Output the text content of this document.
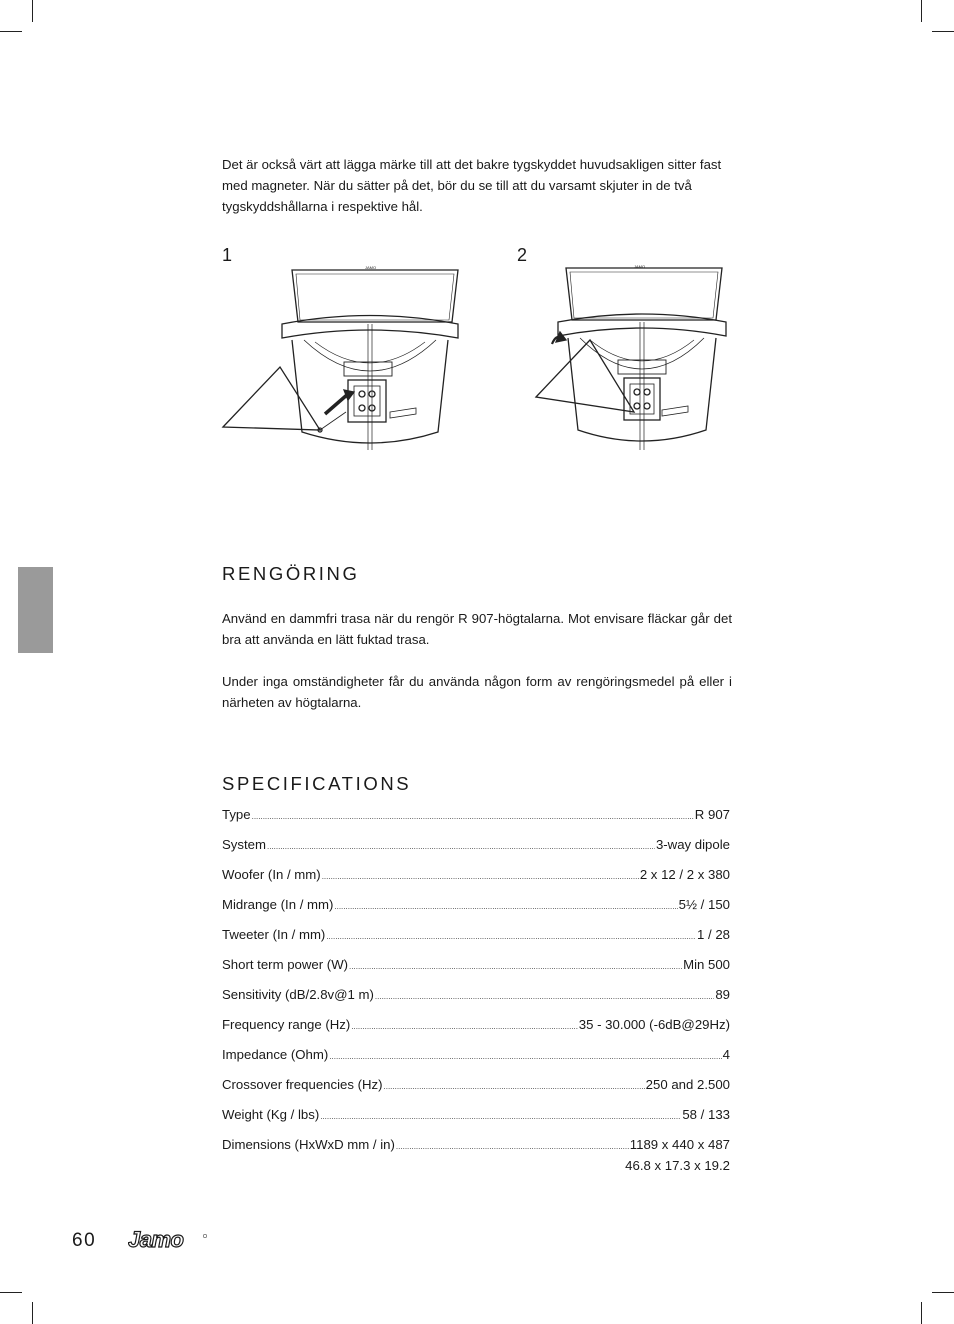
Det är också värt att lägga märke till att det bakre tygskyddet huvudsakligen sitter fast med magneter. När du sätter på det, bör du se till att du varsamt skjuter in de två tygskyddshållarna i respektive hål.

1
JAMO
2
JAMO
RENGÖRING

Använd en dammfri trasa när du rengör R 907-högtalarna. Mot envisare fläckar går det bra att använda en lätt fuktad trasa.

Under inga omständigheter får du använda någon form av rengöringsmedel på eller i närheten av högtalarna.

SPECIFICATIONS
Type .....	R 907
System .....	3-way dipole
Woofer (In / mm) .....	2 x 12 / 2 x 380
Midrange (In / mm) .....	5½ / 150
Tweeter (In / mm) .....	1 / 28
Short term power (W) .....	Min 500
Sensitivity (dB/2.8v@1 m) .....	89
Frequency range (Hz) .....	35 - 30.000 (-6dB@29Hz)
Impedance (Ohm) .....	4
Crossover frequencies (Hz) .....	250 and 2.500
Weight (Kg / lbs) .....	58 / 133
Dimensions (HxWxD mm / in) .....	1189 x 440 x 487
46.8 x 17.3 x 19.2
60 Jamo
